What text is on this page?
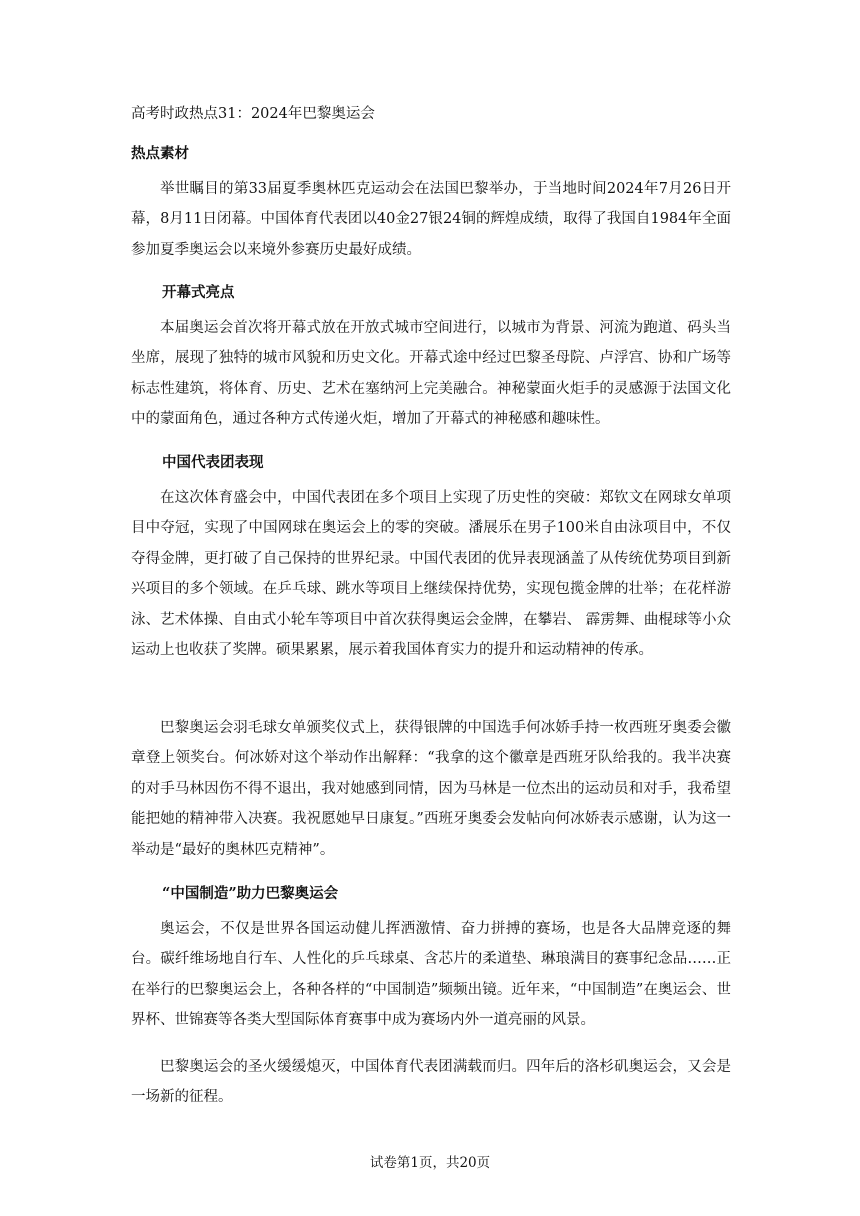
高考时政热点31：2024年巴黎奥运会
热点素材

举世瞩目的第33届夏季奥林匹克运动会在法国巴黎举办，于当地时间2024年7月26日开幕，8月11日闭幕。中国体育代表团以40金27银24铜的辉煌成绩，取得了我国自1984年全面参加夏季奥运会以来境外参赛历史最好成绩。

开幕式亮点

本届奥运会首次将开幕式放在开放式城市空间进行，以城市为背景、河流为跑道、码头当坐席，展现了独特的城市风貌和历史文化。开幕式途中经过巴黎圣母院、卢浮宫、协和广场等标志性建筑，将体育、历史、艺术在塞纳河上完美融合。神秘蒙面火炬手的灵感源于法国文化中的蒙面角色，通过各种方式传递火炬，增加了开幕式的神秘感和趣味性。

中国代表团表现

在这次体育盛会中，中国代表团在多个项目上实现了历史性的突破：郑钦文在网球女单项目中夺冠，实现了中国网球在奥运会上的零的突破。潘展乐在男子100米自由泳项目中，不仅夺得金牌，更打破了自己保持的世界纪录。中国代表团的优异表现涵盖了从传统优势项目到新兴项目的多个领域。在乒乓球、跳水等项目上继续保持优势，实现包揽金牌的壮举；在花样游泳、艺术体操、自由式小轮车等项目中首次获得奥运会金牌，在攀岩、 霹雳舞、曲棍球等小众运动上也收获了奖牌。硕果累累，展示着我国体育实力的提升和运动精神的传承。

巴黎奥运会羽毛球女单颁奖仪式上，获得银牌的中国选手何冰娇手持一枚西班牙奥委会徽章登上领奖台。何冰娇对这个举动作出解释：“我拿的这个徽章是西班牙队给我的。我半决赛的对手马林因伤不得不退出，我对她感到同情，因为马林是一位杰出的运动员和对手，我希望能把她的精神带入决赛。我祝愿她早日康复。”西班牙奥委会发帖向何冰娇表示感谢，认为这一举动是“最好的奥林匹克精神”。

“中国制造”助力巴黎奥运会

奥运会，不仅是世界各国运动健儿挥洒激情、奋力拼搏的赛场，也是各大品牌竞逐的舞台。碳纤维场地自行车、人性化的乒乓球桌、含芯片的柔道垫、琳琅满目的赛事纪念品……正在举行的巴黎奥运会上，各种各样的“中国制造”频频出镜。近年来，“中国制造”在奥运会、世界杯、世锦赛等各类大型国际体育赛事中成为赛场内外一道亮丽的风景。

巴黎奥运会的圣火缓缓熄灭，中国体育代表团满载而归。四年后的洛杉矶奥运会，又会是一场新的征程。

试卷第1页，共20页
